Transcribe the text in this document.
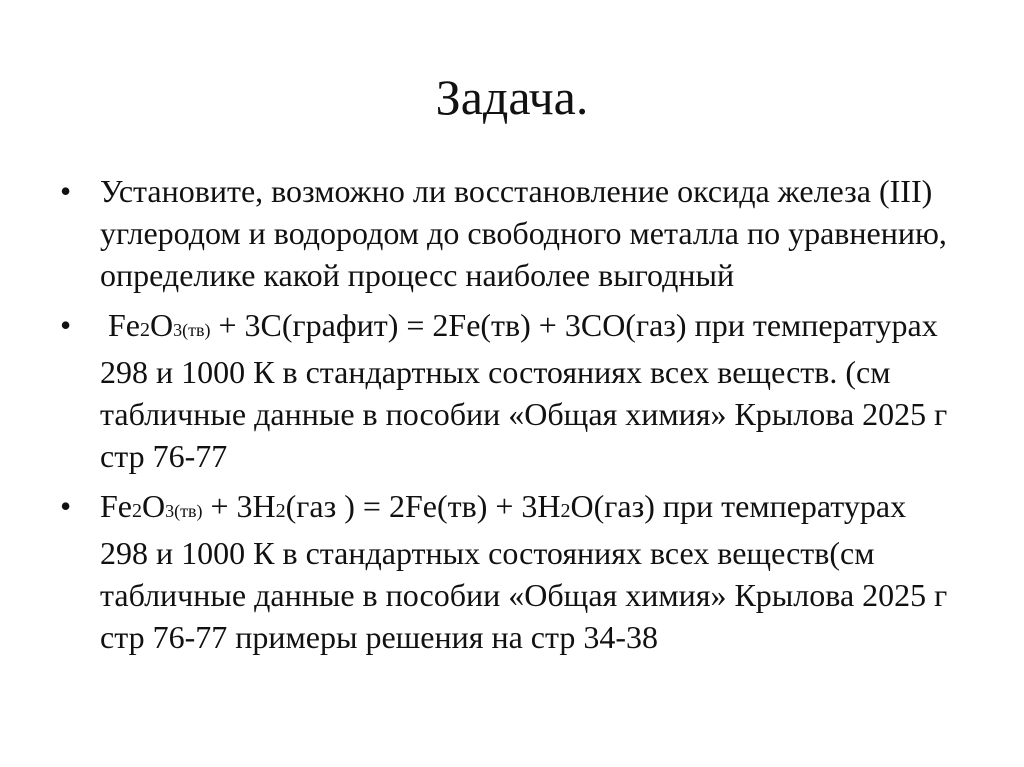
Задача.
• Установите, возможно ли восстановление оксида железа (III) углеродом и водородом до свободного металла по уравнению, определике какой процесс наиболее выгодный
• Fe2O3(тв) + 3С(графит) = 2Fe(тв) + 3CO(газ) при температурах 298 и 1000 К в стандартных состояниях всех веществ. (см табличные данные в пособии «Общая химия» Крылова 2025 г стр 76-77
• Fe2O3(тв) + 3H2(газ ) = 2Fe(тв) + 3H2O(газ) при температурах 298 и 1000 К в стандартных состояниях всех веществ(см табличные данные в пособии «Общая химия» Крылова 2025 г стр 76-77 примеры решения на стр 34-38
